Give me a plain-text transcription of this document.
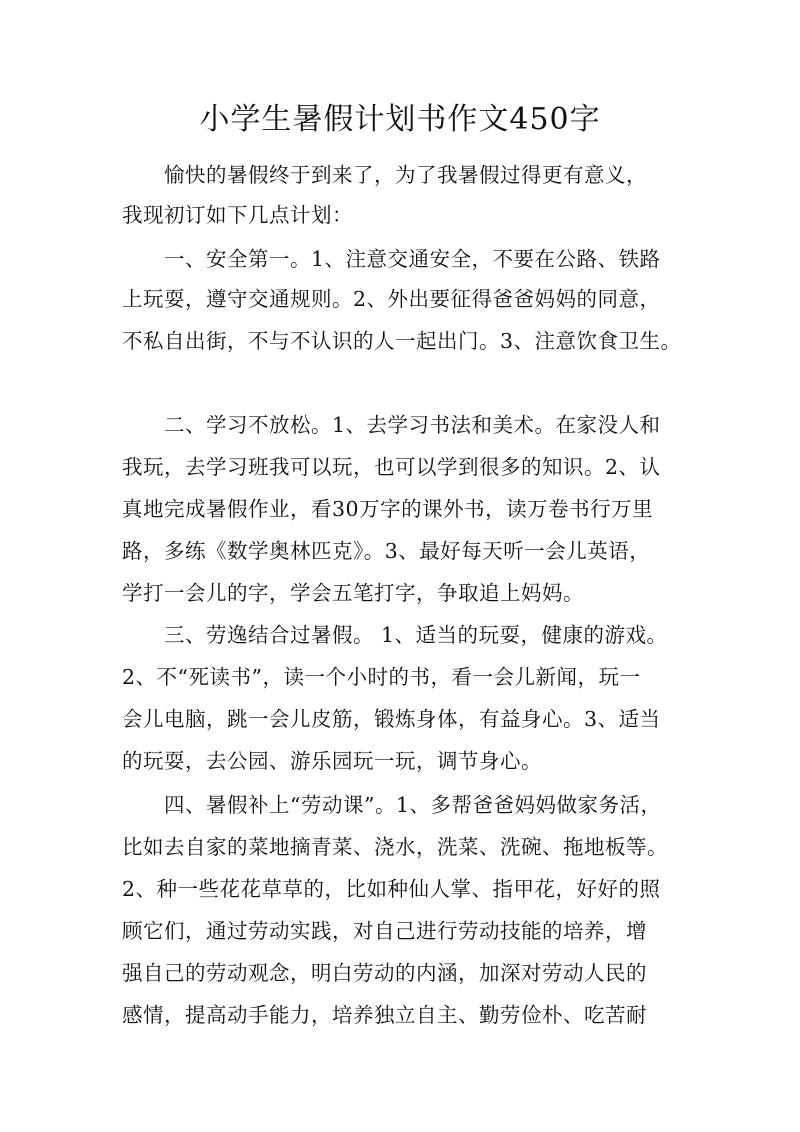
小学生暑假计划书作文450字
愉快的暑假终于到来了，为了我暑假过得更有意义，
我现初订如下几点计划：
一、安全第一。1、注意交通安全，不要在公路、铁路
上玩耍，遵守交通规则。2、外出要征得爸爸妈妈的同意，
不私自出街，不与不认识的人一起出门。3、注意饮食卫生。
二、学习不放松。1、去学习书法和美术。在家没人和
我玩，去学习班我可以玩，也可以学到很多的知识。2、认
真地完成暑假作业，看30万字的课外书，读万卷书行万里
路，多练《数学奥林匹克》。3、最好每天听一会儿英语，
学打一会儿的字，学会五笔打字，争取追上妈妈。
三、劳逸结合过暑假。 1、适当的玩耍，健康的游戏。
2、不“死读书”，读一个小时的书，看一会儿新闻，玩一
会儿电脑，跳一会儿皮筋，锻炼身体，有益身心。3、适当
的玩耍，去公园、游乐园玩一玩，调节身心。
四、暑假补上“劳动课”。1、多帮爸爸妈妈做家务活，
比如去自家的菜地摘青菜、浇水，洗菜、洗碗、拖地板等。
2、种一些花花草草的，比如种仙人掌、指甲花，好好的照
顾它们，通过劳动实践，对自己进行劳动技能的培养，增
强自己的劳动观念，明白劳动的内涵，加深对劳动人民的
感情，提高动手能力，培养独立自主、勤劳俭朴、吃苦耐
